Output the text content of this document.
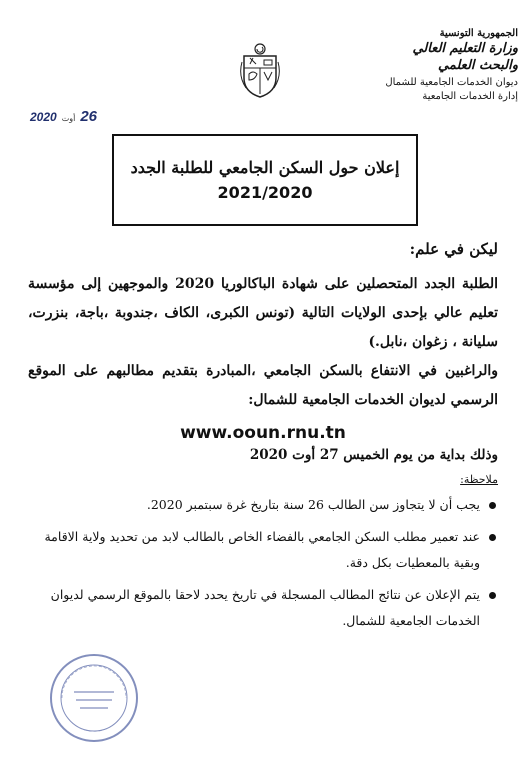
الجمهورية التونسية
وزارة التعليم العالي
والبحث العلمي
ديوان الخدمات الجامعية للشمال
إدارة الخدمات الجامعية
2020 أوت 26
إعلان حول السكن الجامعي للطلبة الجدد
2021/2020
ليكن في علم:
الطلبة الجدد المتحصلين على شهادة الباكالوريا 2020 والموجهين إلى مؤسسة تعليم عالي بإحدى الولايات التالية (تونس الكبرى، الكاف ،جندوبة ،باجة، بنزرت، سليانة ، زغوان ،نابل.)
والراغبين في الانتفاع بالسكن الجامعي ،المبادرة بتقديم مطالبهم على الموقع الرسمي لديوان الخدمات الجامعية للشمال:
www.ooun.rnu.tn
وذلك بداية من يوم الخميس 27 أوت 2020
ملاحظة:
يجب أن لا يتجاوز سن الطالب 26 سنة بتاريخ غرة سبتمبر 2020.
عند تعمير مطلب السكن الجامعي بالفضاء الخاص بالطالب لابد من تحديد ولاية الاقامة وبقية بالمعطيات بكل دقة.
يتم الإعلان عن نتائج المطالب المسجلة في تاريخ يحدد لاحقا بالموقع الرسمي لديوان الخدمات الجامعية للشمال.
